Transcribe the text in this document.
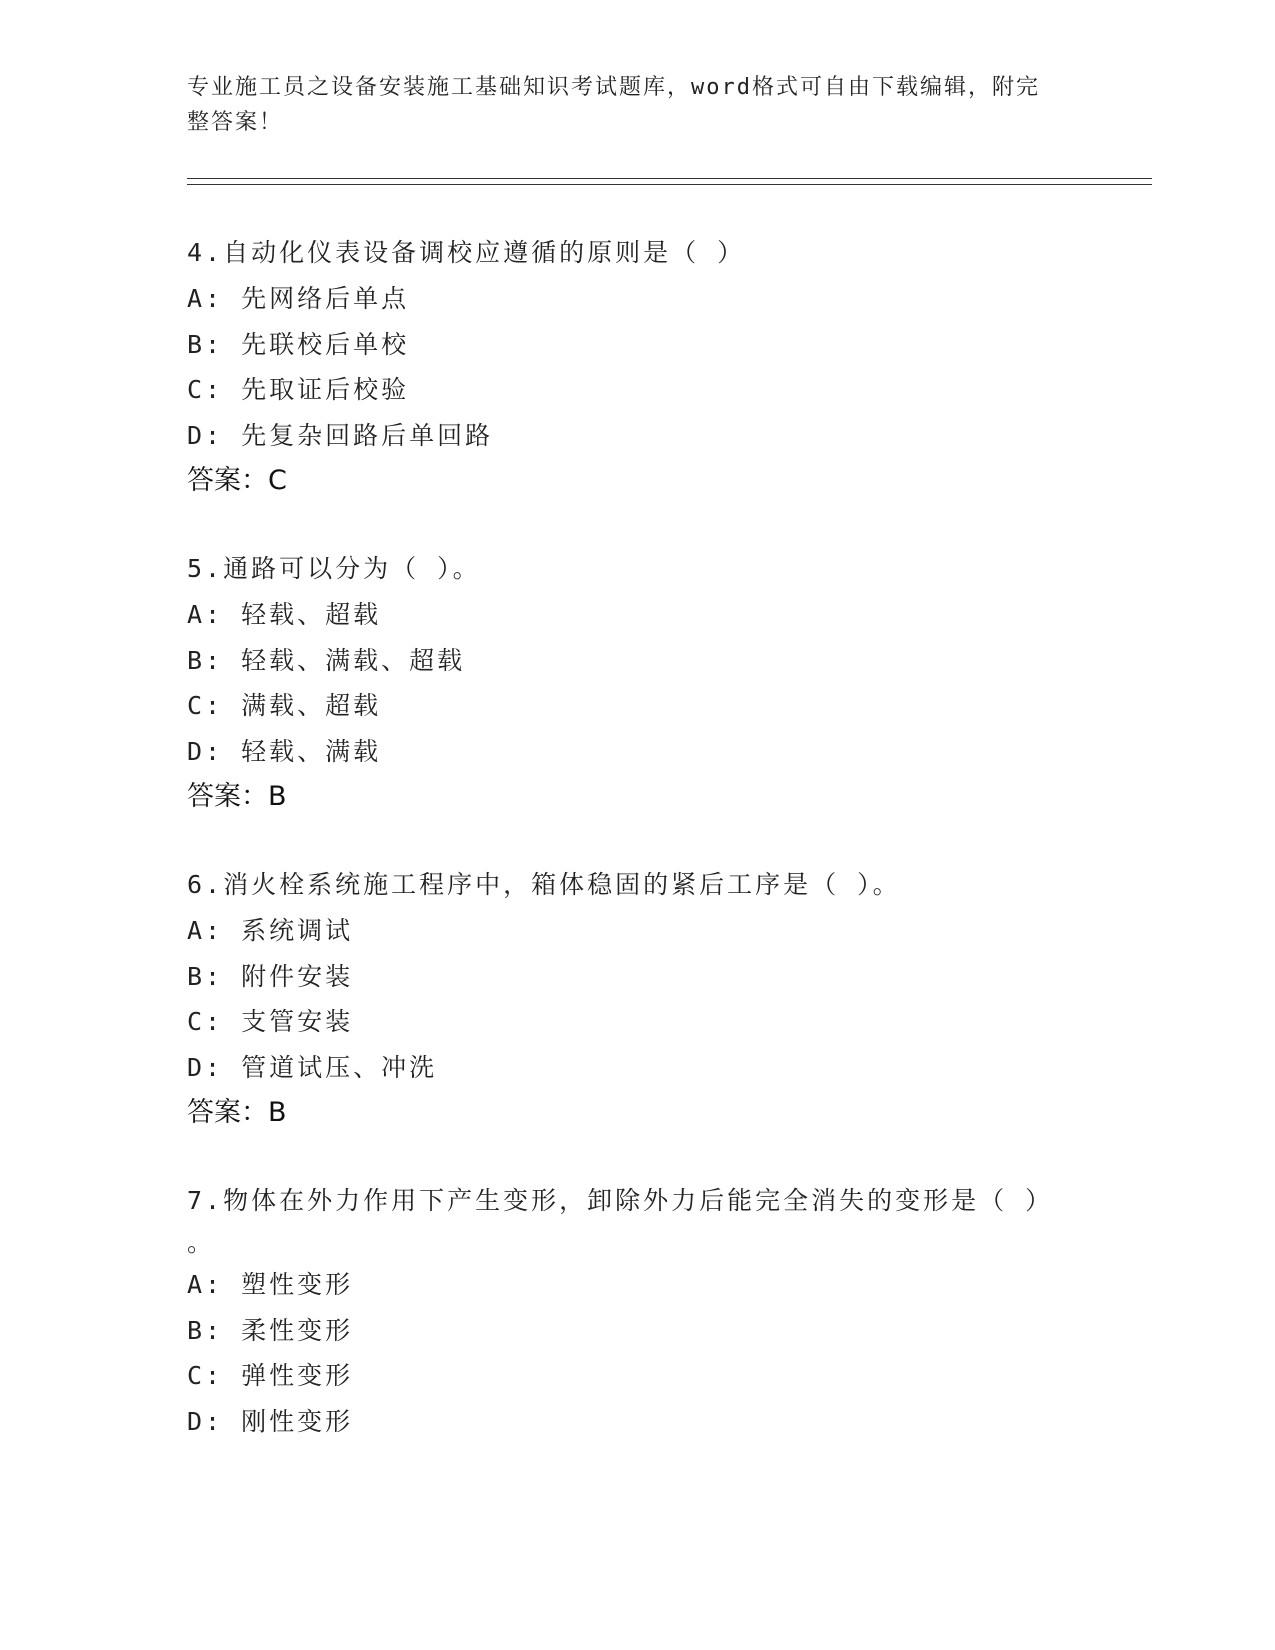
专业施工员之设备安装施工基础知识考试题库，word格式可自由下载编辑，附完
整答案！

4.自动化仪表设备调校应遵循的原则是（ ）

A: 先网络后单点

B: 先联校后单校

C: 先取证后校验

D: 先复杂回路后单回路

答案：C

5.通路可以分为（ ）。

A: 轻载、超载

B: 轻载、满载、超载

C: 满载、超载

D: 轻载、满载

答案：B

6.消火栓系统施工程序中，箱体稳固的紧后工序是（ ）。

A: 系统调试

B: 附件安装

C: 支管安装

D: 管道试压、冲洗

答案：B

7.物体在外力作用下产生变形，卸除外力后能完全消失的变形是（ ）

。

A: 塑性变形

B: 柔性变形

C: 弹性变形

D: 刚性变形
